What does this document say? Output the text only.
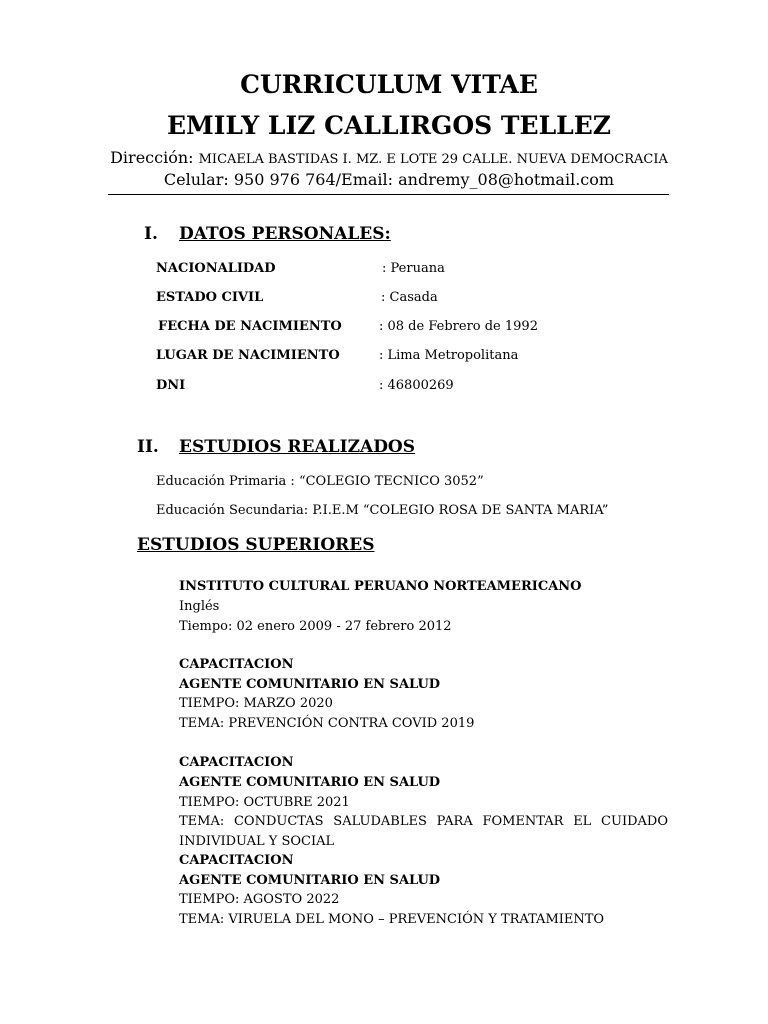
CURRICULUM VITAE
EMILY LIZ CALLIRGOS TELLEZ
Dirección: MICAELA BASTIDAS I. MZ. E LOTE 29 CALLE. NUEVA DEMOCRACIA
Celular: 950 976 764/Email: andremy_08@hotmail.com
I. DATOS PERSONALES:
NACIONALIDAD	: Peruana
ESTADO CIVIL	: Casada
FECHA DE NACIMIENTO	: 08 de Febrero de 1992
LUGAR DE NACIMIENTO	: Lima Metropolitana
DNI	: 46800269
II. ESTUDIOS REALIZADOS
Educación Primaria : “COLEGIO TECNICO 3052”
Educación Secundaria: P.I.E.M “COLEGIO ROSA DE SANTA MARIA”
ESTUDIOS SUPERIORES
INSTITUTO CULTURAL PERUANO NORTEAMERICANO
Inglés
Tiempo: 02 enero 2009 - 27 febrero 2012
CAPACITACION
AGENTE COMUNITARIO EN SALUD
TIEMPO: MARZO 2020
TEMA: PREVENCIÓN CONTRA COVID 2019
CAPACITACION
AGENTE COMUNITARIO EN SALUD
TIEMPO: OCTUBRE 2021
TEMA: CONDUCTAS SALUDABLES PARA FOMENTAR EL CUIDADO INDIVIDUAL Y SOCIAL
CAPACITACION
AGENTE COMUNITARIO EN SALUD
TIEMPO: AGOSTO 2022
TEMA: VIRUELA DEL MONO – PREVENCIÓN Y TRATAMIENTO
